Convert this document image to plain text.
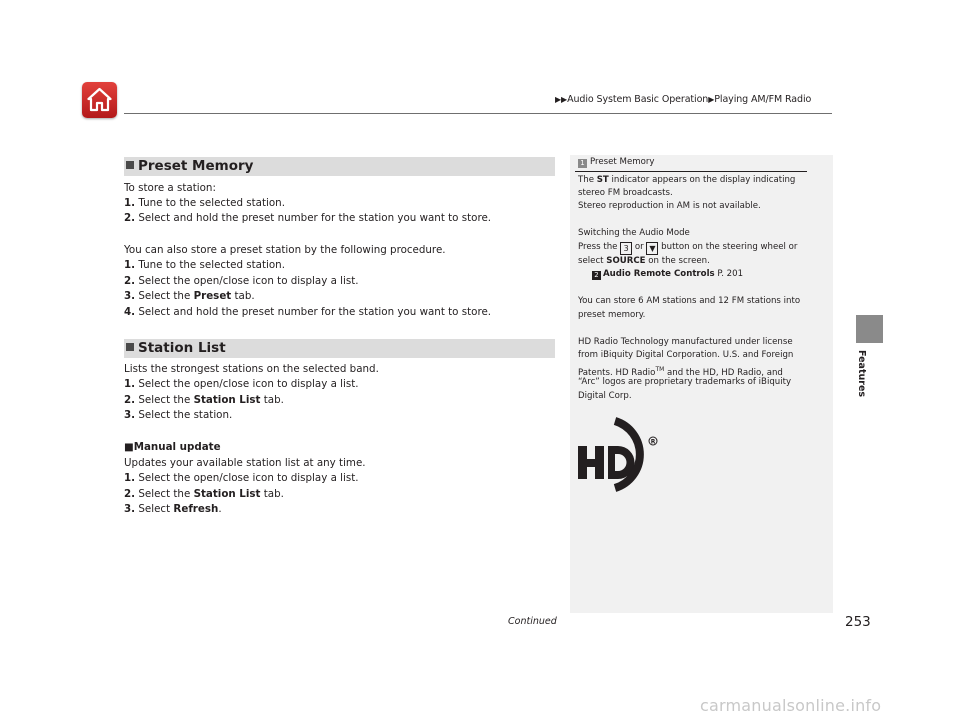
▶▶Audio System Basic Operation▶Playing AM/FM Radio
Features
Preset Memory
To store a station:
1. Tune to the selected station.
2. Select and hold the preset number for the station you want to store.
You can also store a preset station by the following procedure.
1. Tune to the selected station.
2. Select the open/close icon to display a list.
3. Select the Preset tab.
4. Select and hold the preset number for the station you want to store.
Station List
Lists the strongest stations on the selected band.
1. Select the open/close icon to display a list.
2. Select the Station List tab.
3. Select the station.
■Manual update
Updates your available station list at any time.
1. Select the open/close icon to display a list.
2. Select the Station List tab.
3. Select Refresh.
1 Preset Memory
The ST indicator appears on the display indicating
stereo FM broadcasts.
Stereo reproduction in AM is not available.
Switching the Audio Mode
Press the 3 or ▼ button on the steering wheel or
select SOURCE on the screen.
2 Audio Remote Controls P. 201
You can store 6 AM stations and 12 FM stations into
preset memory.
HD Radio Technology manufactured under license
from iBiquity Digital Corporation. U.S. and Foreign
Patents. HD Radio™ and the HD, HD Radio, and
“Arc” logos are proprietary trademarks of iBiquity
Digital Corp.
R
Continued	253
carmanualsonline.info
